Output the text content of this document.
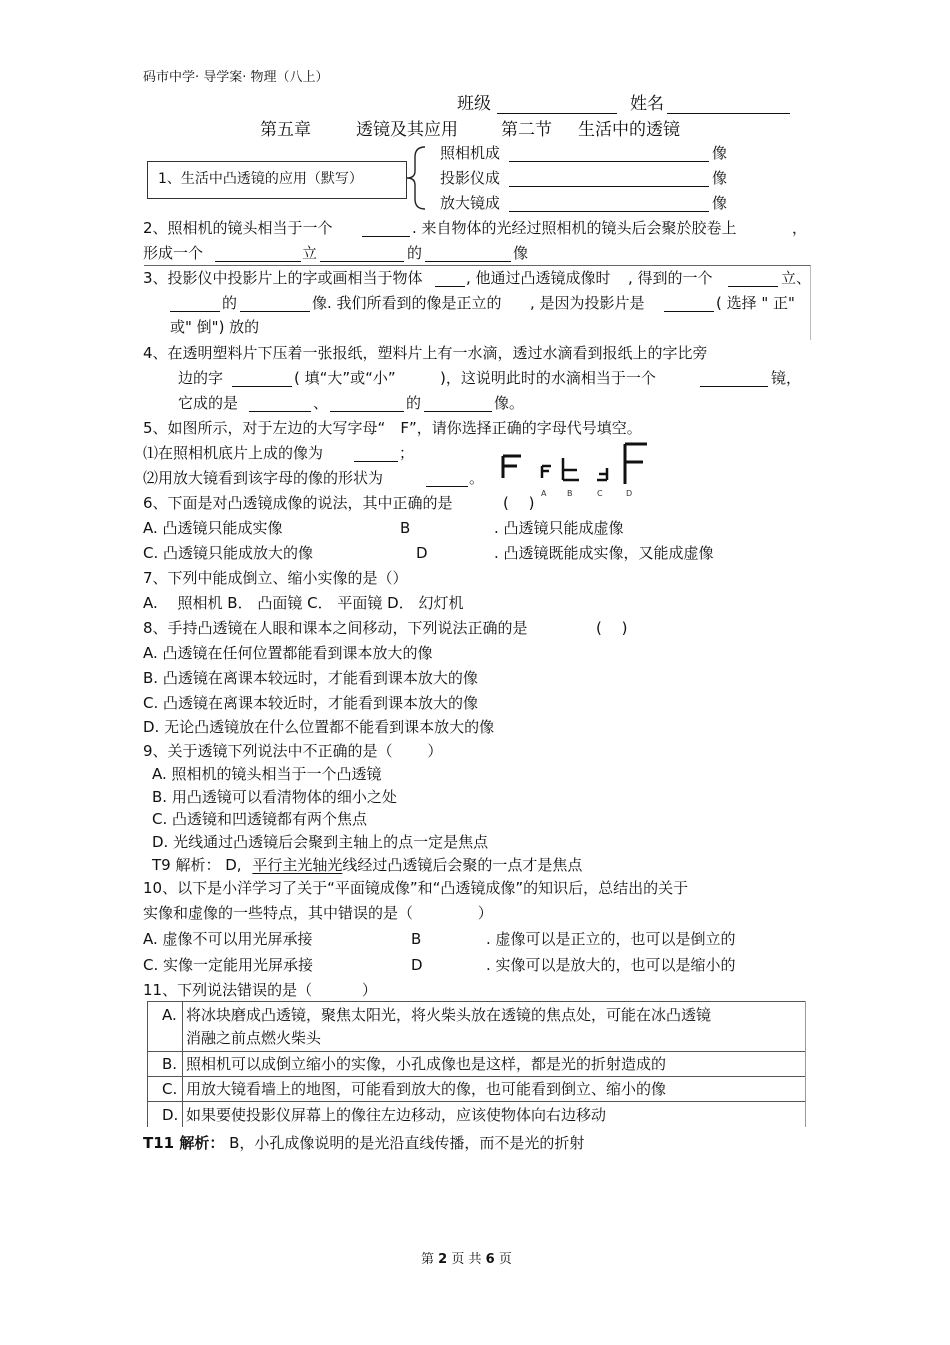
码市中学· 导学案· 物理（八上）
班级	姓名
第五章	透镜及其应用	第二节 生活中的透镜
1、生活中凸透镜的应用（默写）
照相机成	像
投影仪成	像
放大镜成	像
2、照相机的镜头相当于一个	. 来自物体的光经过照相机的镜头后会聚於胶卷上	，
形成一个	立	的	像
3、投影仪中投影片上的字或画相当于物体	, 他通过凸透镜成像时 , 得到的一个	立、
的	像. 我们所看到的像是正立的 , 是因为投影片是	( 选择 " 正"
或" 倒") 放的
4、在透明塑料片下压着一张报纸，塑料片上有一水滴，透过水滴看到报纸上的字比旁
边的字	( 填“大”或“小”	)，这说明此时的水滴相当于一个	镜，
它成的是	、	的	像。
5、如图所示，对于左边的大写字母“　F”，请你选择正确的字母代号填空。
⑴在照相机底片上成的像为	；
⑵用放大镜看到该字母的像的形状为	。
A	B	C	D
6、下面是对凸透镜成像的说法，其中正确的是	(　 )
A. 凸透镜只能成实像	B	. 凸透镜只能成虚像
C. 凸透镜只能成放大的像	D	. 凸透镜既能成实像，又能成虚像
7、下列中能成倒立、缩小实像的是（）
A.　 照相机 B． 凸面镜 C． 平面镜 D． 幻灯机
8、手持凸透镜在人眼和课本之间移动，下列说法正确的是	(　 )
A. 凸透镜在任何位置都能看到课本放大的像
B. 凸透镜在离课本较远时，才能看到课本放大的像
C. 凸透镜在离课本较近时，才能看到课本放大的像
D. 无论凸透镜放在什么位置都不能看到课本放大的像
9、关于透镜下列说法中不正确的是（　　 ）
A. 照相机的镜头相当于一个凸透镜
B. 用凸透镜可以看清物体的细小之处
C. 凸透镜和凹透镜都有两个焦点
D. 光线通过凸透镜后会聚到主轴上的点一定是焦点
T9 解析： D, 平行主光轴光线经过凸透镜后会聚的一点才是焦点
10、以下是小洋学习了关于“平面镜成像”和“凸透镜成像”的知识后，总结出的关于
实像和虚像的一些特点，其中错误的是（　　　　 ）
A. 虚像不可以用光屏承接	B	. 虚像可以是正立的，也可以是倒立的
C. 实像一定能用光屏承接	D	. 实像可以是放大的，也可以是缩小的
11、下列说法错误的是（　　　 ）
A. 将冰块磨成凸透镜，聚焦太阳光，将火柴头放在透镜的焦点处，可能在冰凸透镜
消融之前点燃火柴头
B. 照相机可以成倒立缩小的实像，小孔成像也是这样，都是光的折射造成的
C. 用放大镜看墙上的地图，可能看到放大的像，也可能看到倒立、缩小的像
D. 如果要使投影仪屏幕上的像往左边移动，应该使物体向右边移动
T11 解析： B，小孔成像说明的是光沿直线传播，而不是光的折射
第 2 页 共 6 页
